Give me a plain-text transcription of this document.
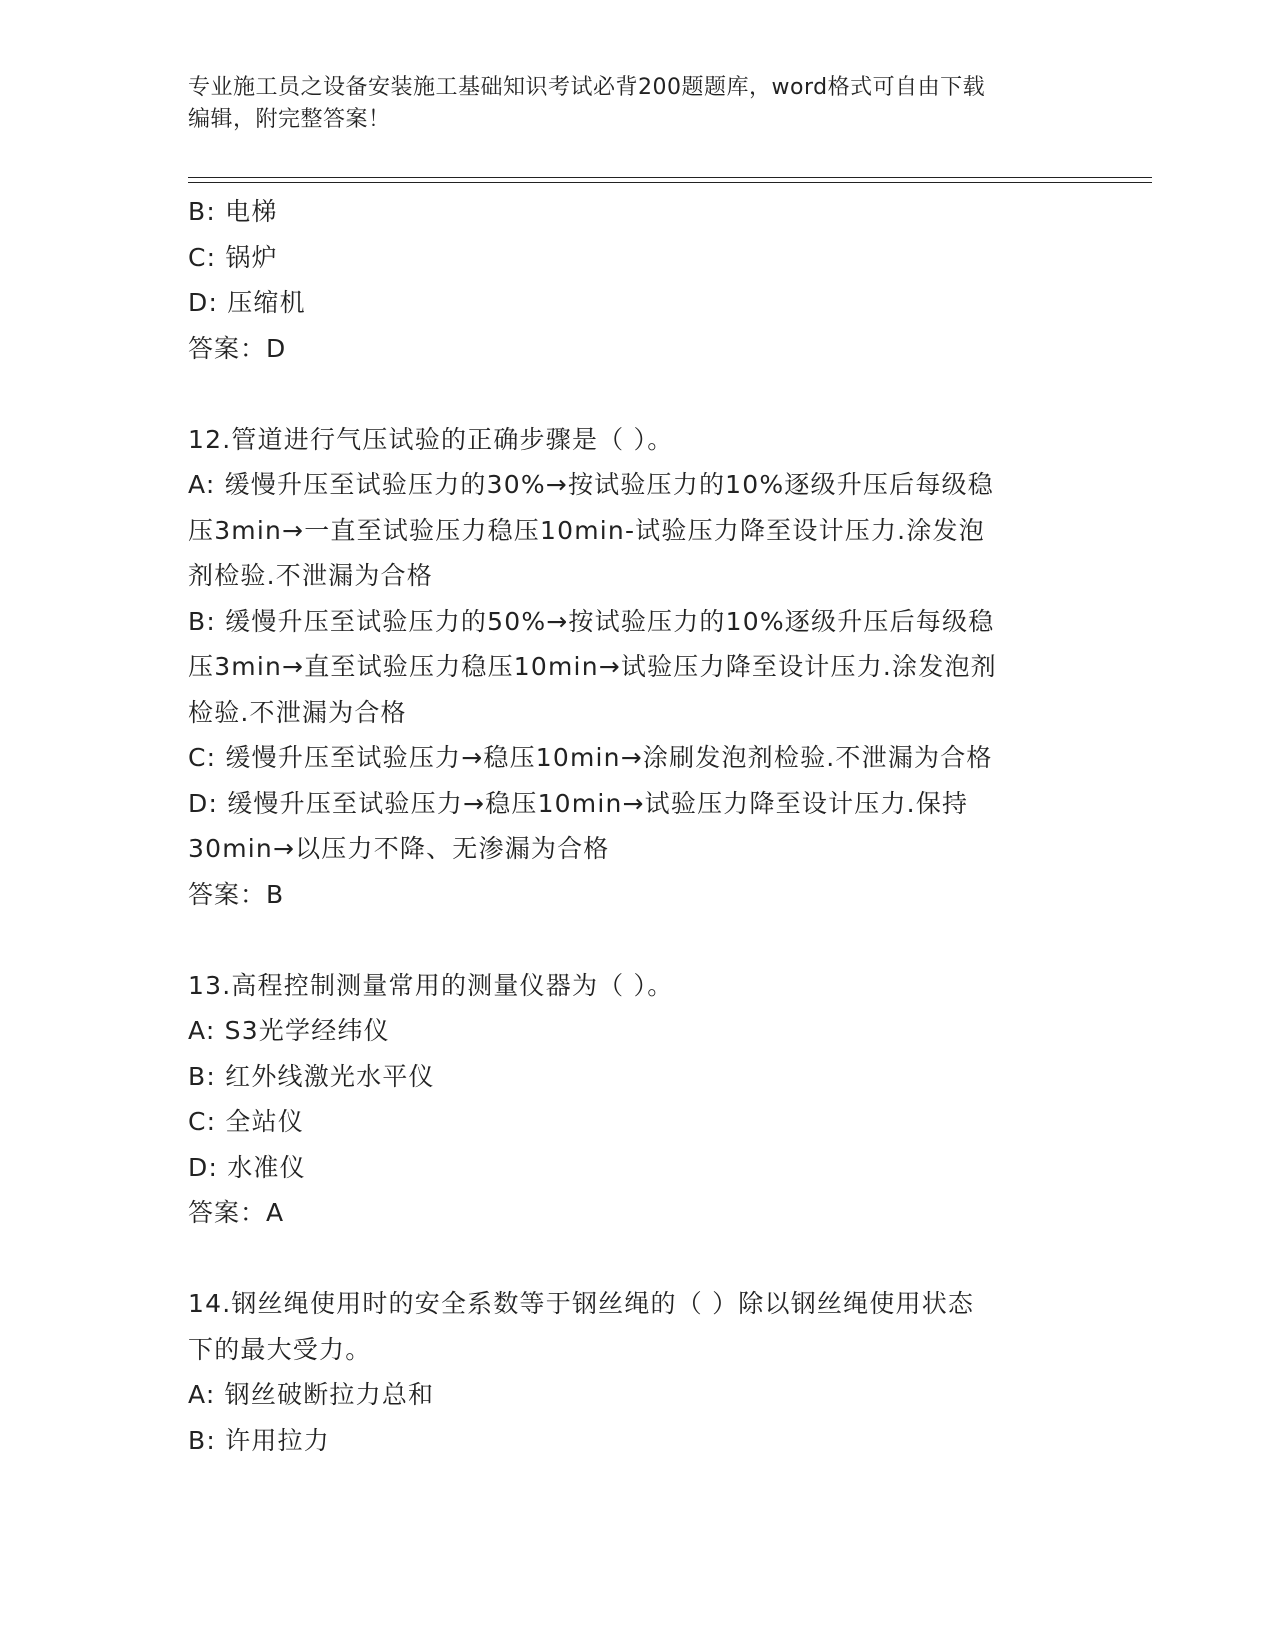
专业施工员之设备安装施工基础知识考试必背200题题库，word格式可自由下载
编辑，附完整答案！
B: 电梯
C: 锅炉
D: 压缩机
答案：D
12.管道进行气压试验的正确步骤是（ ）。
A: 缓慢升压至试验压力的30%→按试验压力的10%逐级升压后每级稳
压3min→一直至试验压力稳压10min-试验压力降至设计压力.涂发泡
剂检验.不泄漏为合格
B: 缓慢升压至试验压力的50%→按试验压力的10%逐级升压后每级稳
压3min→直至试验压力稳压10min→试验压力降至设计压力.涂发泡剂
检验.不泄漏为合格
C: 缓慢升压至试验压力→稳压10min→涂刷发泡剂检验.不泄漏为合格
D: 缓慢升压至试验压力→稳压10min→试验压力降至设计压力.保持
30min→以压力不降、无渗漏为合格
答案：B
13.高程控制测量常用的测量仪器为（ ）。
A: S3光学经纬仪
B: 红外线激光水平仪
C: 全站仪
D: 水准仪
答案：A
14.钢丝绳使用时的安全系数等于钢丝绳的（ ）除以钢丝绳使用状态
下的最大受力。
A: 钢丝破断拉力总和
B: 许用拉力
